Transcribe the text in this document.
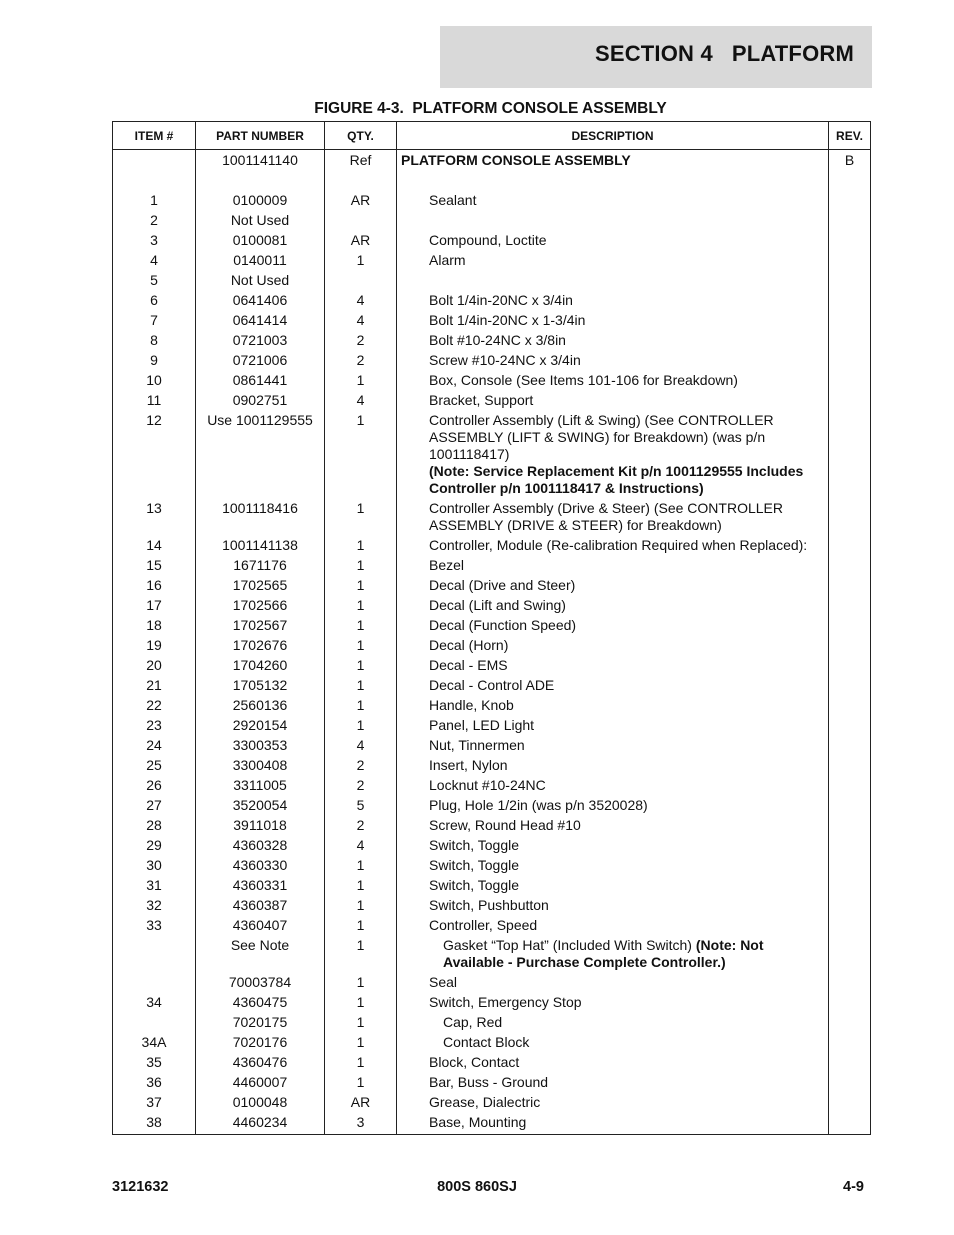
SECTION 4   PLATFORM
FIGURE 4-3.  PLATFORM CONSOLE ASSEMBLY
ITEM #	PART NUMBER	QTY.	DESCRIPTION	REV.
	1001141140	Ref	PLATFORM CONSOLE ASSEMBLY	B
1	0100009	AR	Sealant	
2	Not Used			
3	0100081	AR	Compound, Loctite	
4	0140011	1	Alarm	
5	Not Used			
6	0641406	4	Bolt 1/4in-20NC x 3/4in	
7	0641414	4	Bolt 1/4in-20NC x 1-3/4in	
8	0721003	2	Bolt #10-24NC x 3/8in	
9	0721006	2	Screw #10-24NC x 3/4in	
10	0861441	1	Box, Console (See Items 101-106 for Breakdown)	
11	0902751	4	Bracket, Support	
12	Use 1001129555	1	Controller Assembly (Lift & Swing) (See CONTROLLER ASSEMBLY (LIFT & SWING) for Breakdown) (was p/n 1001118417)
(Note: Service Replacement Kit p/n 1001129555 Includes Controller p/n 1001118417 & Instructions)	
13	1001118416	1	Controller Assembly (Drive & Steer) (See CONTROLLER ASSEMBLY (DRIVE & STEER) for Breakdown)	
14	1001141138	1	Controller, Module (Re-calibration Required when Replaced):	
15	1671176	1	Bezel	
16	1702565	1	Decal (Drive and Steer)	
17	1702566	1	Decal (Lift and Swing)	
18	1702567	1	Decal (Function Speed)	
19	1702676	1	Decal (Horn)	
20	1704260	1	Decal - EMS	
21	1705132	1	Decal - Control ADE	
22	2560136	1	Handle, Knob	
23	2920154	1	Panel, LED Light	
24	3300353	4	Nut, Tinnermen	
25	3300408	2	Insert, Nylon	
26	3311005	2	Locknut #10-24NC	
27	3520054	5	Plug, Hole 1/2in (was p/n 3520028)	
28	3911018	2	Screw, Round Head #10	
29	4360328	4	Switch, Toggle	
30	4360330	1	Switch, Toggle	
31	4360331	1	Switch, Toggle	
32	4360387	1	Switch, Pushbutton	
33	4360407	1	Controller, Speed	
	See Note	1	Gasket “Top Hat” (Included With Switch) (Note: Not Available - Purchase Complete Controller.)	
	70003784	1	Seal	
34	4360475	1	Switch, Emergency Stop	
	7020175	1	Cap, Red	
34A	7020176	1	Contact Block	
35	4360476	1	Block, Contact	
36	4460007	1	Bar, Buss - Ground	
37	0100048	AR	Grease, Dialectric	
38	4460234	3	Base, Mounting	
3121632	800S 860SJ	4-9
